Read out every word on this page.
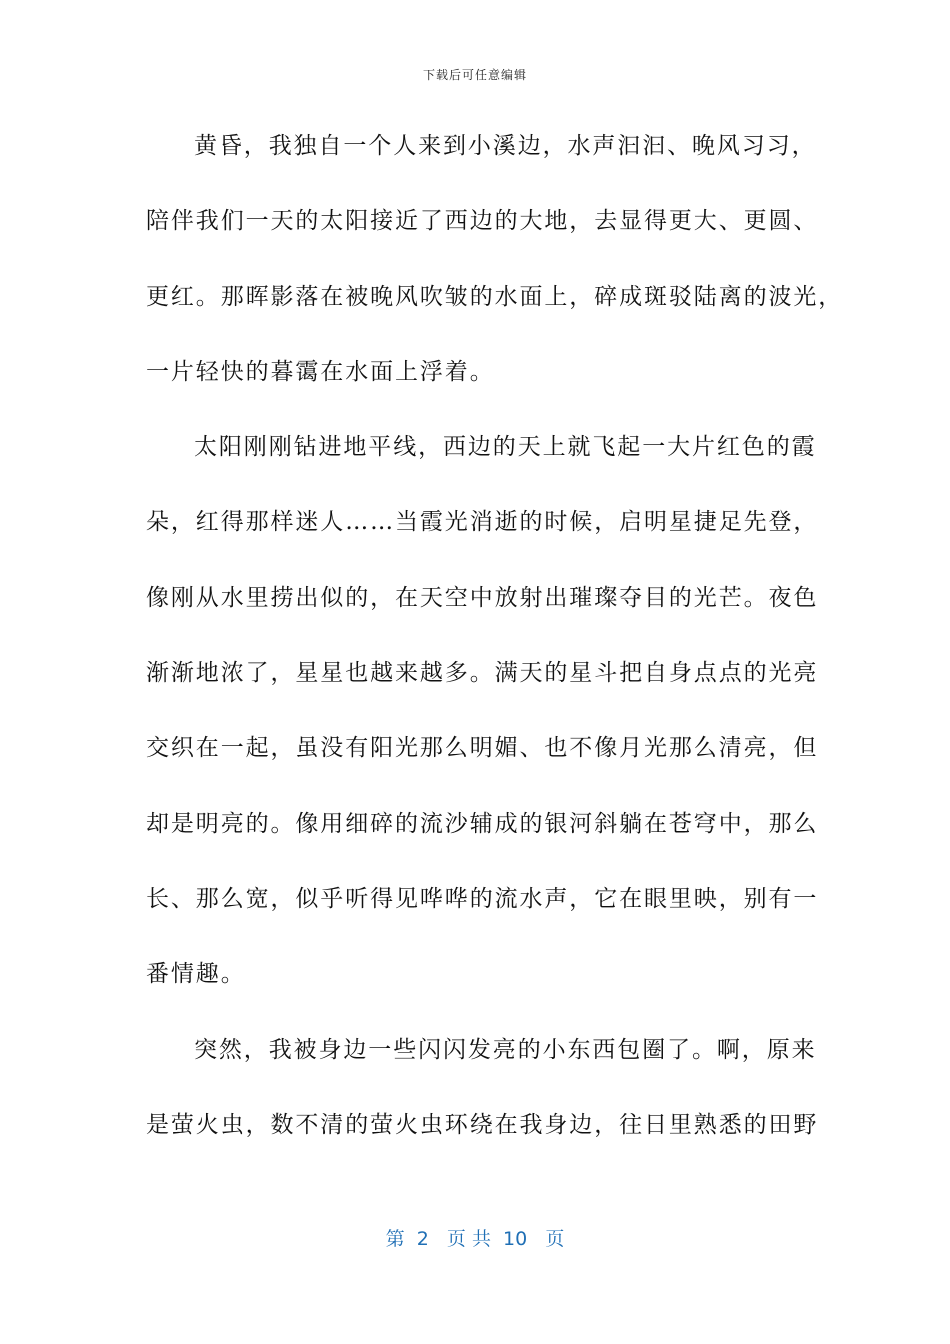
下载后可任意编辑
黄昏，我独自一个人来到小溪边，水声汩汩、晚风习习，
陪伴我们一天的太阳接近了西边的大地，去显得更大、更圆、
更红。那晖影落在被晚风吹皱的水面上，碎成斑驳陆离的波光，
一片轻快的暮霭在水面上浮着。
太阳刚刚钻进地平线，西边的天上就飞起一大片红色的霞
朵，红得那样迷人……当霞光消逝的时候，启明星捷足先登，
像刚从水里捞出似的，在天空中放射出璀璨夺目的光芒。夜色
渐渐地浓了，星星也越来越多。满天的星斗把自身点点的光亮
交织在一起，虽没有阳光那么明媚、也不像月光那么清亮，但
却是明亮的。像用细碎的流沙辅成的银河斜躺在苍穹中，那么
长、那么宽，似乎听得见哗哗的流水声，它在眼里映，别有一
番情趣。
突然，我被身边一些闪闪发亮的小东西包圈了。啊，原来
是萤火虫，数不清的萤火虫环绕在我身边，往日里熟悉的田野
第  2   页 共  10   页
